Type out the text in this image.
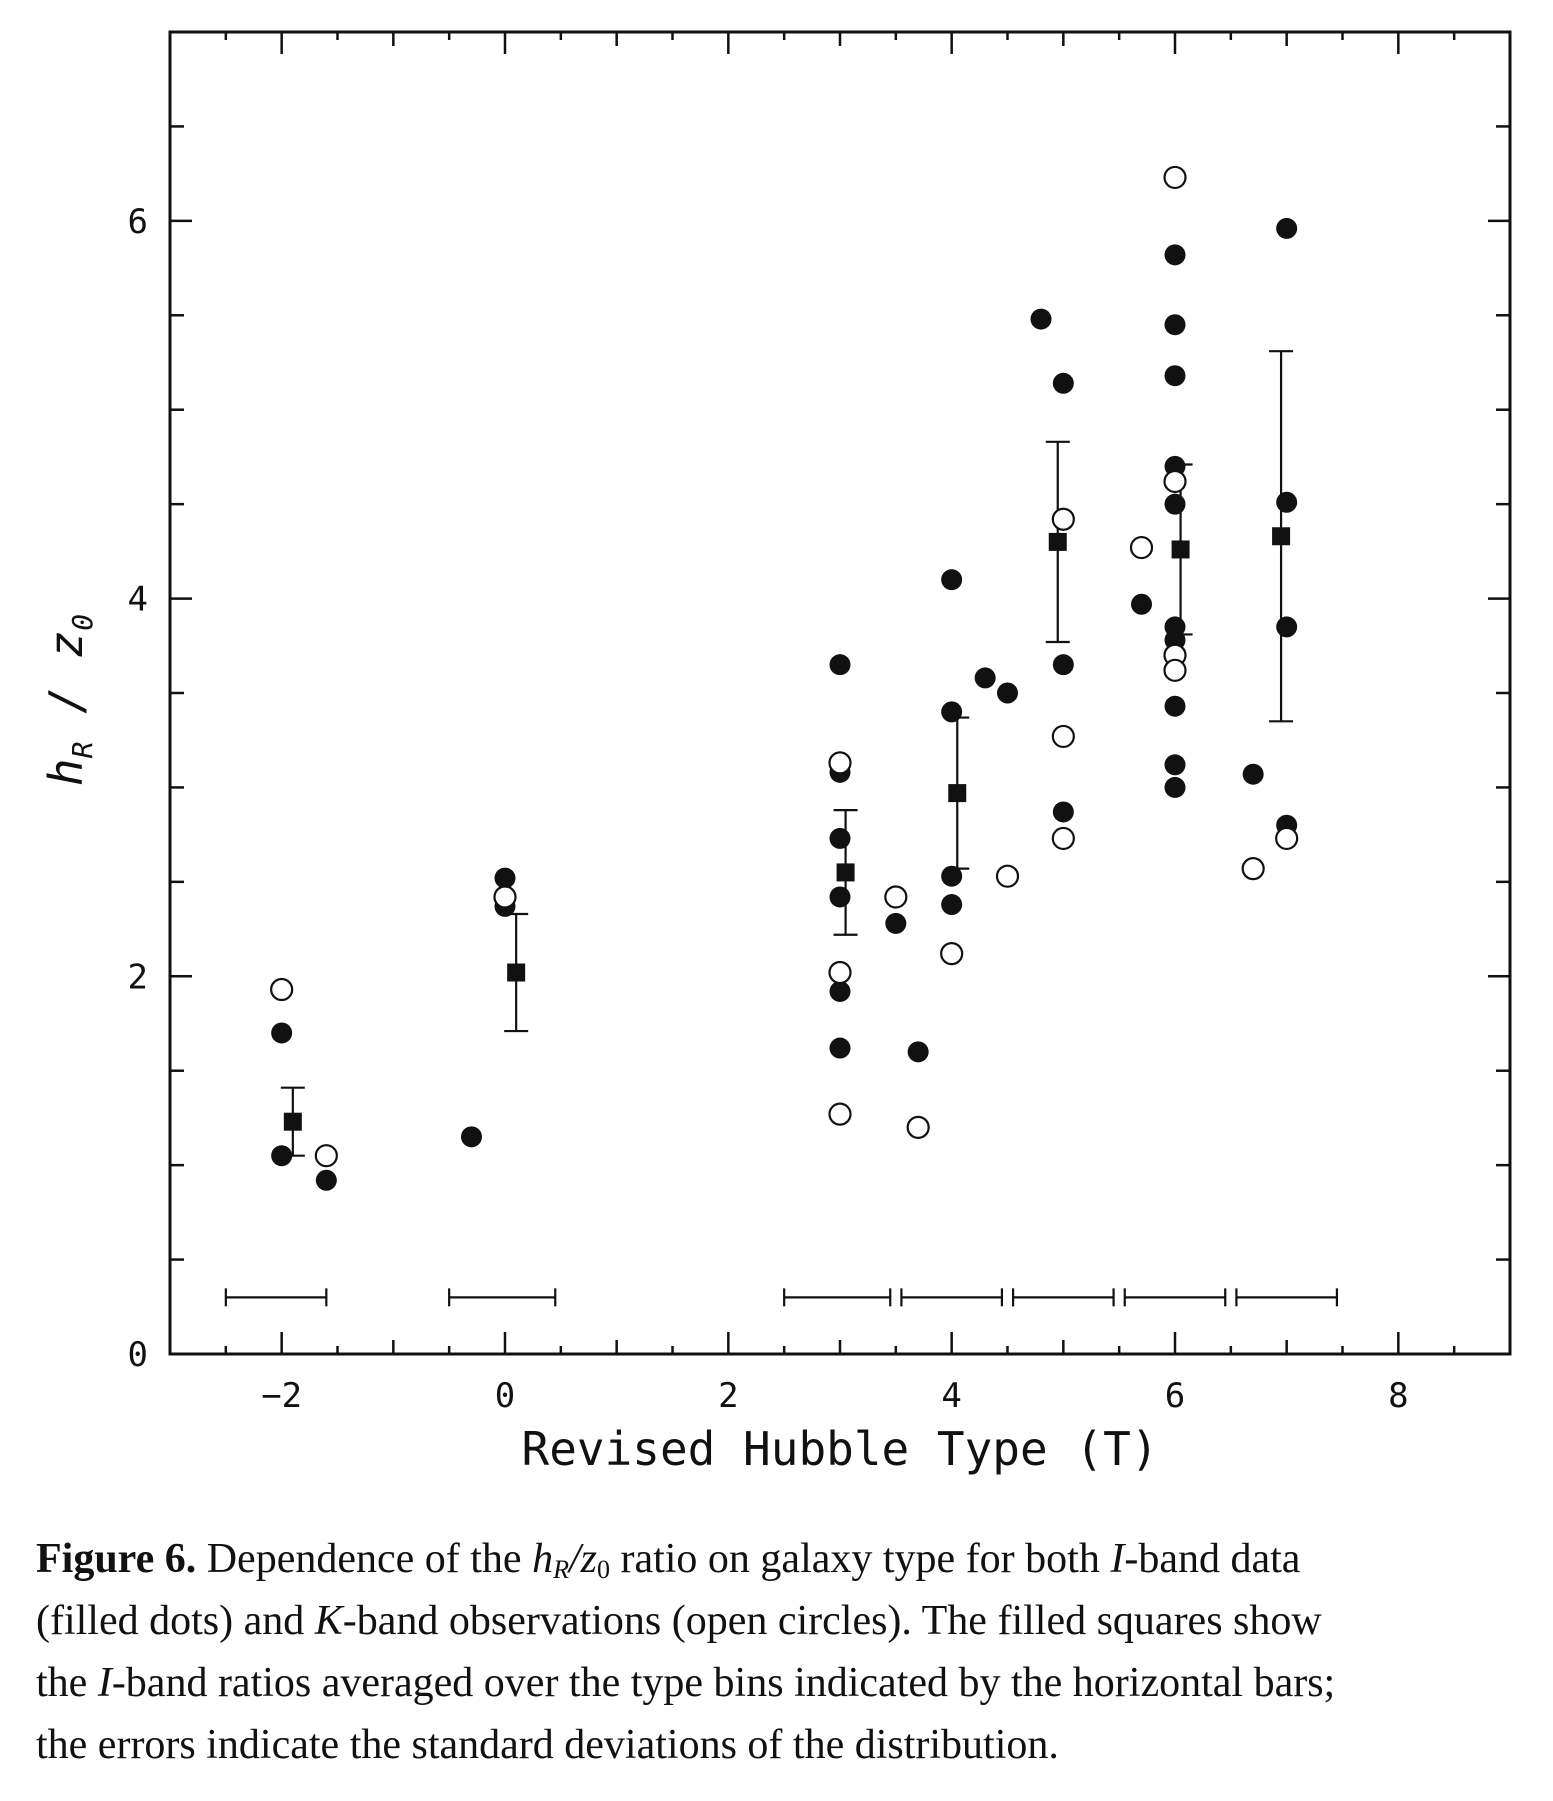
−2	0	2	4	6	8
0
2
4
6
Revised Hubble Type (T)
$h_R / z_0$
Figure 6. Dependence of the $h_R/z_0$ ratio on galaxy type for both I-band data
(filled dots) and K-band observations (open circles). The filled squares show
the I-band ratios averaged over the type bins indicated by the horizontal bars;
the errors indicate the standard deviations of the distribution.
